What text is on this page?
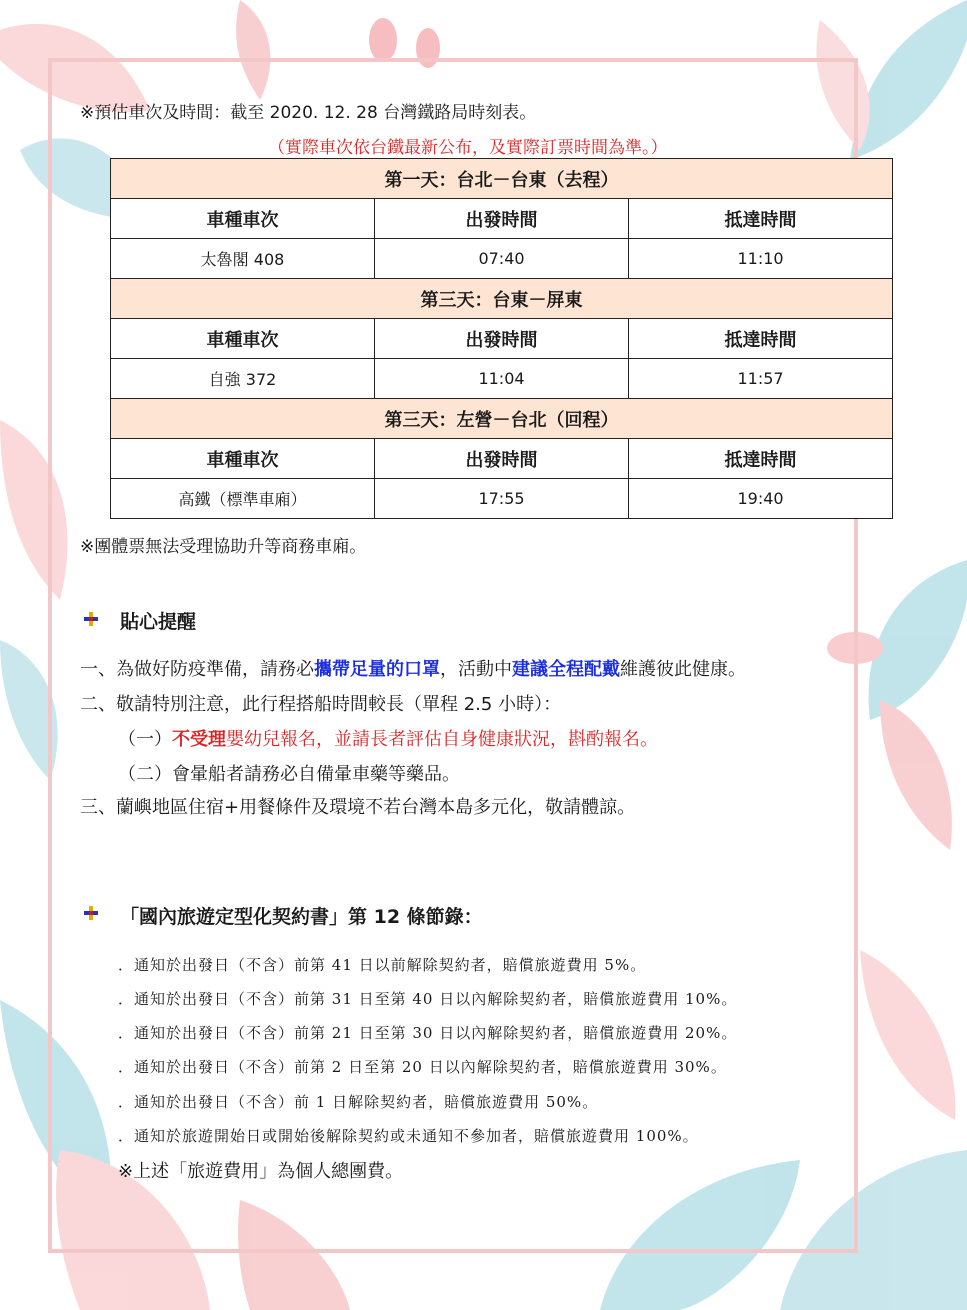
※預估車次及時間：截至 2020. 12. 28 台灣鐵路局時刻表。
（實際車次依台鐵最新公布，及實際訂票時間為準。）
第一天：台北－台東（去程）		
車種車次	出發時間	抵達時間
太魯閣 408	07:40	11:10
第三天：台東－屏東		
車種車次	出發時間	抵達時間
自強 372	11:04	11:57
第三天：左營－台北（回程）		
車種車次	出發時間	抵達時間
高鐵（標準車廂）	17:55	19:40
※團體票無法受理協助升等商務車廂。
貼心提醒
一、為做好防疫準備，請務必攜帶足量的口罩，活動中建議全程配戴維護彼此健康。
二、敬請特別注意，此行程搭船時間較長（單程 2.5 小時）：
（一）不受理嬰幼兒報名，並請長者評估自身健康狀況，斟酌報名。
（二）會暈船者請務必自備暈車藥等藥品。
三、蘭嶼地區住宿+用餐條件及環境不若台灣本島多元化，敬請體諒。
「國內旅遊定型化契約書」第 12 條節錄：
．通知於出發日（不含）前第 41 日以前解除契約者，賠償旅遊費用 5%。
．通知於出發日（不含）前第 31 日至第 40 日以內解除契約者，賠償旅遊費用 10%。
．通知於出發日（不含）前第 21 日至第 30 日以內解除契約者，賠償旅遊費用 20%。
．通知於出發日（不含）前第 2 日至第 20 日以內解除契約者，賠償旅遊費用 30%。
．通知於出發日（不含）前 1 日解除契約者，賠償旅遊費用 50%。
．通知於旅遊開始日或開始後解除契約或未通知不參加者，賠償旅遊費用 100%。
※上述「旅遊費用」為個人總團費。
